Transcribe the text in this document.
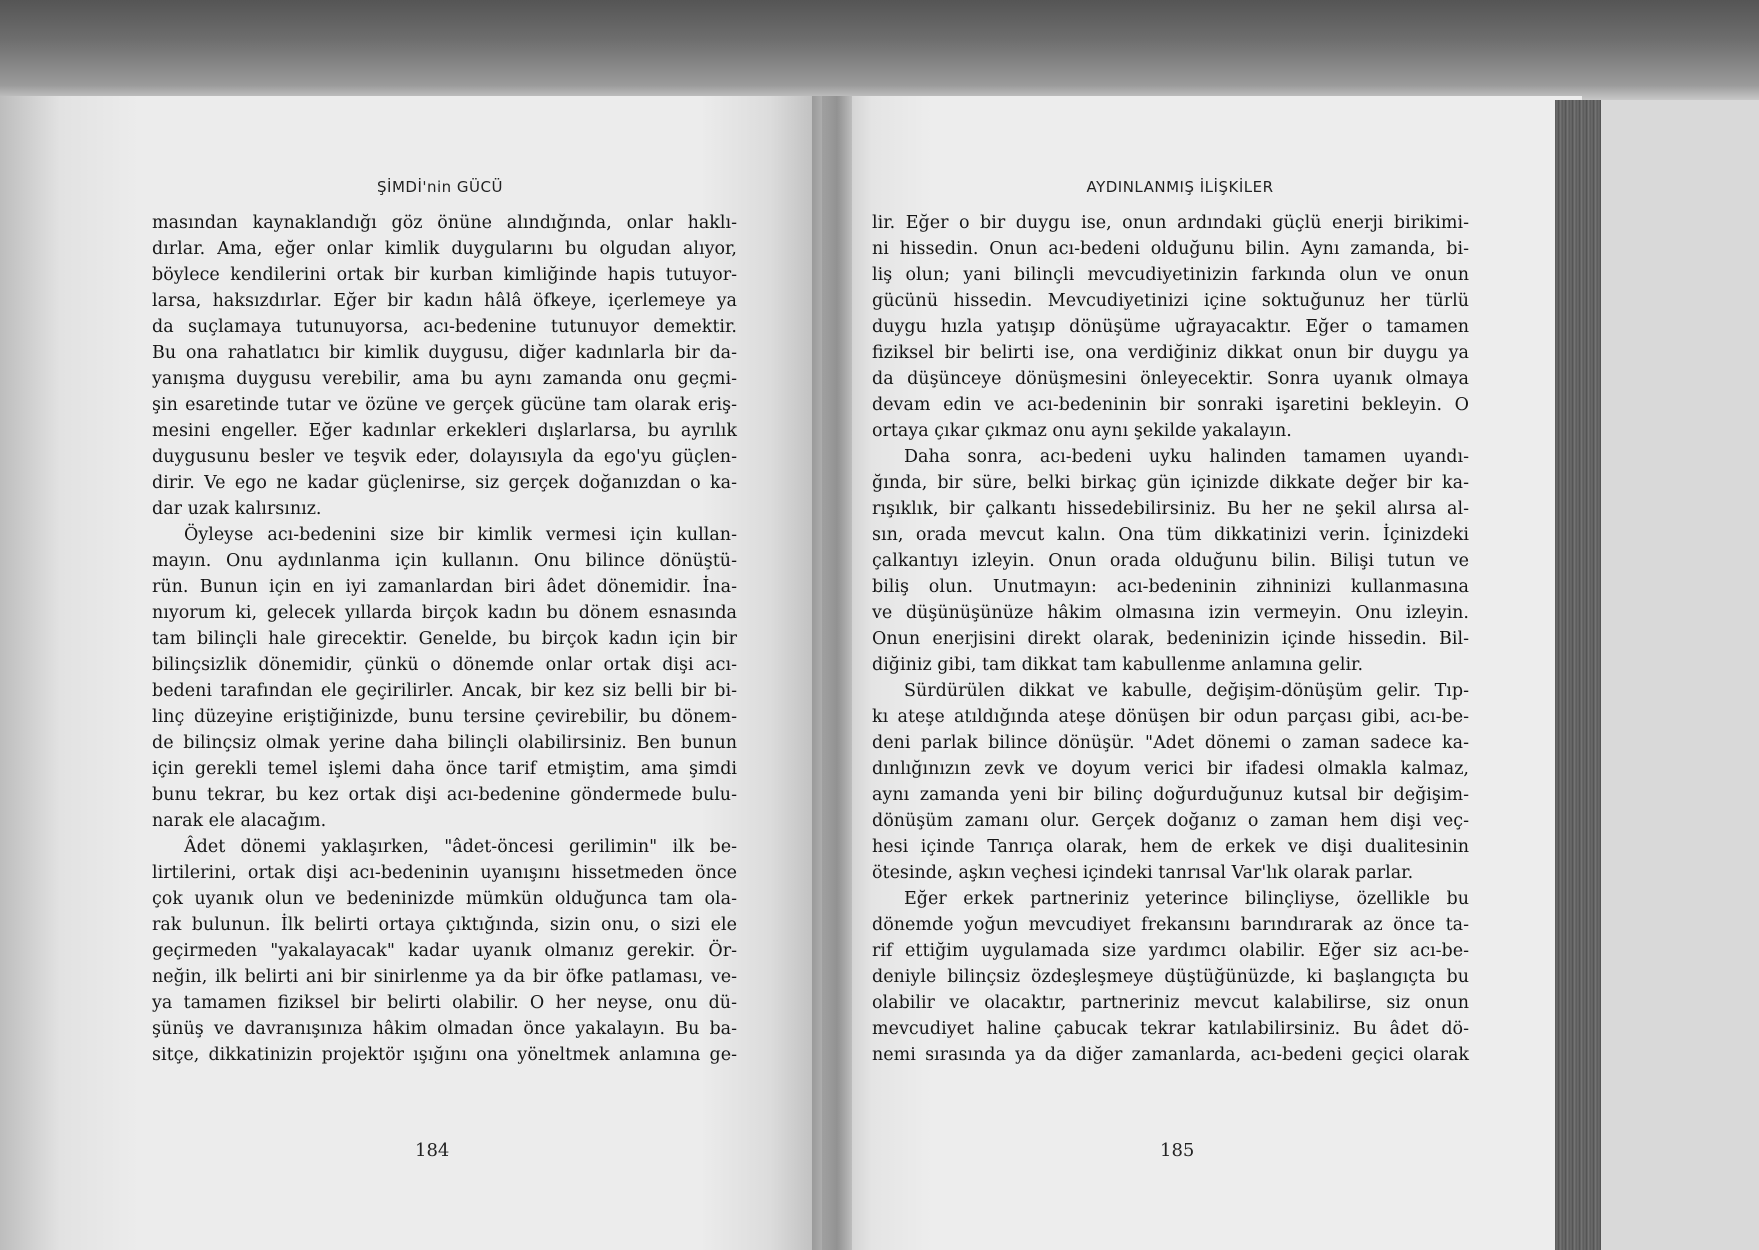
ŞİMDİ'nin GÜCÜ	AYDINLANMIŞ İLİŞKİLER
masından kaynaklandığı göz önüne alındığında, onlar haklı-
dırlar. Ama, eğer onlar kimlik duygularını bu olgudan alıyor,
böylece kendilerini ortak bir kurban kimliğinde hapis tutuyor-
larsa, haksızdırlar. Eğer bir kadın hâlâ öfkeye, içerlemeye ya
da suçlamaya tutunuyorsa, acı-bedenine tutunuyor demektir.
Bu ona rahatlatıcı bir kimlik duygusu, diğer kadınlarla bir da-
yanışma duygusu verebilir, ama bu aynı zamanda onu geçmi-
şin esaretinde tutar ve özüne ve gerçek gücüne tam olarak eriş-
mesini engeller. Eğer kadınlar erkekleri dışlarlarsa, bu ayrılık
duygusunu besler ve teşvik eder, dolayısıyla da ego'yu güçlen-
dirir. Ve ego ne kadar güçlenirse, siz gerçek doğanızdan o ka-
dar uzak kalırsınız.
Öyleyse acı-bedenini size bir kimlik vermesi için kullan-
mayın. Onu aydınlanma için kullanın. Onu bilince dönüştü-
rün. Bunun için en iyi zamanlardan biri âdet dönemidir. İna-
nıyorum ki, gelecek yıllarda birçok kadın bu dönem esnasında
tam bilinçli hale girecektir. Genelde, bu birçok kadın için bir
bilinçsizlik dönemidir, çünkü o dönemde onlar ortak dişi acı-
bedeni tarafından ele geçirilirler. Ancak, bir kez siz belli bir bi-
linç düzeyine eriştiğinizde, bunu tersine çevirebilir, bu dönem-
de bilinçsiz olmak yerine daha bilinçli olabilirsiniz. Ben bunun
için gerekli temel işlemi daha önce tarif etmiştim, ama şimdi
bunu tekrar, bu kez ortak dişi acı-bedenine göndermede bulu-
narak ele alacağım.
Âdet dönemi yaklaşırken, "âdet-öncesi gerilimin" ilk be-
lirtilerini, ortak dişi acı-bedeninin uyanışını hissetmeden önce
çok uyanık olun ve bedeninizde mümkün olduğunca tam ola-
rak bulunun. İlk belirti ortaya çıktığında, sizin onu, o sizi ele
geçirmeden "yakalayacak" kadar uyanık olmanız gerekir. Ör-
neğin, ilk belirti ani bir sinirlenme ya da bir öfke patlaması, ve-
ya tamamen fiziksel bir belirti olabilir. O her neyse, onu dü-
şünüş ve davranışınıza hâkim olmadan önce yakalayın. Bu ba-
sitçe, dikkatinizin projektör ışığını ona yöneltmek anlamına ge-
lir. Eğer o bir duygu ise, onun ardındaki güçlü enerji birikimi-
ni hissedin. Onun acı-bedeni olduğunu bilin. Aynı zamanda, bi-
liş olun; yani bilinçli mevcudiyetinizin farkında olun ve onun
gücünü hissedin. Mevcudiyetinizi içine soktuğunuz her türlü
duygu hızla yatışıp dönüşüme uğrayacaktır. Eğer o tamamen
fiziksel bir belirti ise, ona verdiğiniz dikkat onun bir duygu ya
da düşünceye dönüşmesini önleyecektir. Sonra uyanık olmaya
devam edin ve acı-bedeninin bir sonraki işaretini bekleyin. O
ortaya çıkar çıkmaz onu aynı şekilde yakalayın.
Daha sonra, acı-bedeni uyku halinden tamamen uyandı-
ğında, bir süre, belki birkaç gün içinizde dikkate değer bir ka-
rışıklık, bir çalkantı hissedebilirsiniz. Bu her ne şekil alırsa al-
sın, orada mevcut kalın. Ona tüm dikkatinizi verin. İçinizdeki
çalkantıyı izleyin. Onun orada olduğunu bilin. Bilişi tutun ve
biliş olun. Unutmayın: acı-bedeninin zihninizi kullanmasına
ve düşünüşünüze hâkim olmasına izin vermeyin. Onu izleyin.
Onun enerjisini direkt olarak, bedeninizin içinde hissedin. Bil-
diğiniz gibi, tam dikkat tam kabullenme anlamına gelir.
Sürdürülen dikkat ve kabulle, değişim-dönüşüm gelir. Tıp-
kı ateşe atıldığında ateşe dönüşen bir odun parçası gibi, acı-be-
deni parlak bilince dönüşür. "Adet dönemi o zaman sadece ka-
dınlığınızın zevk ve doyum verici bir ifadesi olmakla kalmaz,
aynı zamanda yeni bir bilinç doğurduğunuz kutsal bir değişim-
dönüşüm zamanı olur. Gerçek doğanız o zaman hem dişi veç-
hesi içinde Tanrıça olarak, hem de erkek ve dişi dualitesinin
ötesinde, aşkın veçhesi içindeki tanrısal Var'lık olarak parlar.
Eğer erkek partneriniz yeterince bilinçliyse, özellikle bu
dönemde yoğun mevcudiyet frekansını barındırarak az önce ta-
rif ettiğim uygulamada size yardımcı olabilir. Eğer siz acı-be-
deniyle bilinçsiz özdeşleşmeye düştüğünüzde, ki başlangıçta bu
olabilir ve olacaktır, partneriniz mevcut kalabilirse, siz onun
mevcudiyet haline çabucak tekrar katılabilirsiniz. Bu âdet dö-
nemi sırasında ya da diğer zamanlarda, acı-bedeni geçici olarak
184	185
